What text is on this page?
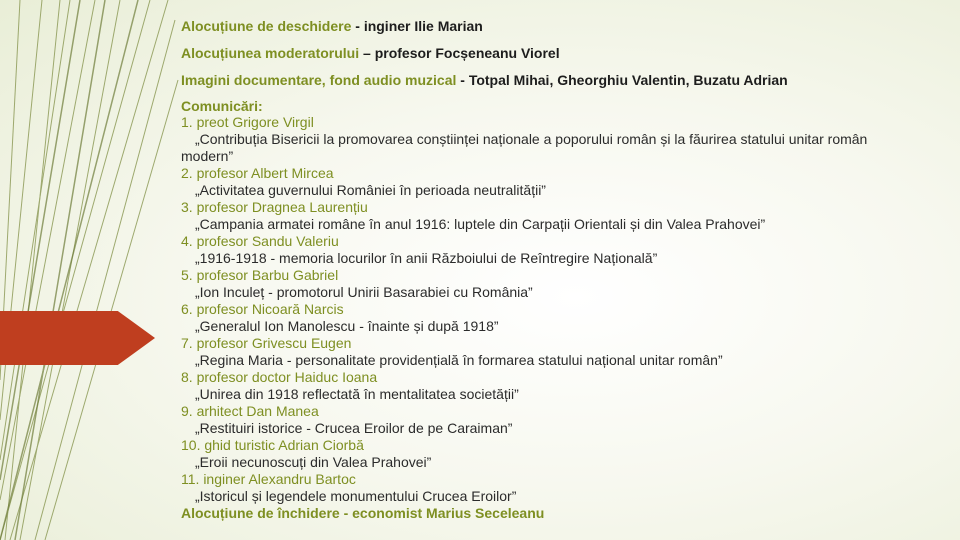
Alocuțiune de deschidere - inginer Ilie Marian

Alocuțiunea moderatorului – profesor Focșeneanu Viorel

Imagini documentare, fond audio muzical - Totpal Mihai, Gheorghiu Valentin, Buzatu Adrian

Comunicări:
1. preot Grigore Virgil
„Contribuția Bisericii la promovarea conștiinței naționale a poporului român și la făurirea statului unitar român
modern”
2. profesor Albert Mircea
„Activitatea guvernului României în perioada neutralității”
3. profesor Dragnea Laurențiu
„Campania armatei române în anul 1916: luptele din Carpații Orientali și din Valea Prahovei”
4. profesor Sandu Valeriu
„1916-1918 - memoria locurilor în anii Războiului de Reîntregire Națională”
5. profesor Barbu Gabriel
„Ion Inculeț - promotorul Unirii Basarabiei cu România”
6. profesor Nicoară Narcis
„Generalul Ion Manolescu - înainte și după 1918”
7. profesor Grivescu Eugen
„Regina Maria - personalitate providențială în formarea statului național unitar român”
8. profesor doctor Haiduc Ioana
„Unirea din 1918 reflectată în mentalitatea societății”
9. arhitect Dan Manea
„Restituiri istorice - Crucea Eroilor de pe Caraiman”
10. ghid turistic Adrian Ciorbă
„Eroii necunoscuți din Valea Prahovei”
11. inginer Alexandru Bartoc
„Istoricul și legendele monumentului Crucea Eroilor”
Alocuțiune de închidere - economist Marius Seceleanu
